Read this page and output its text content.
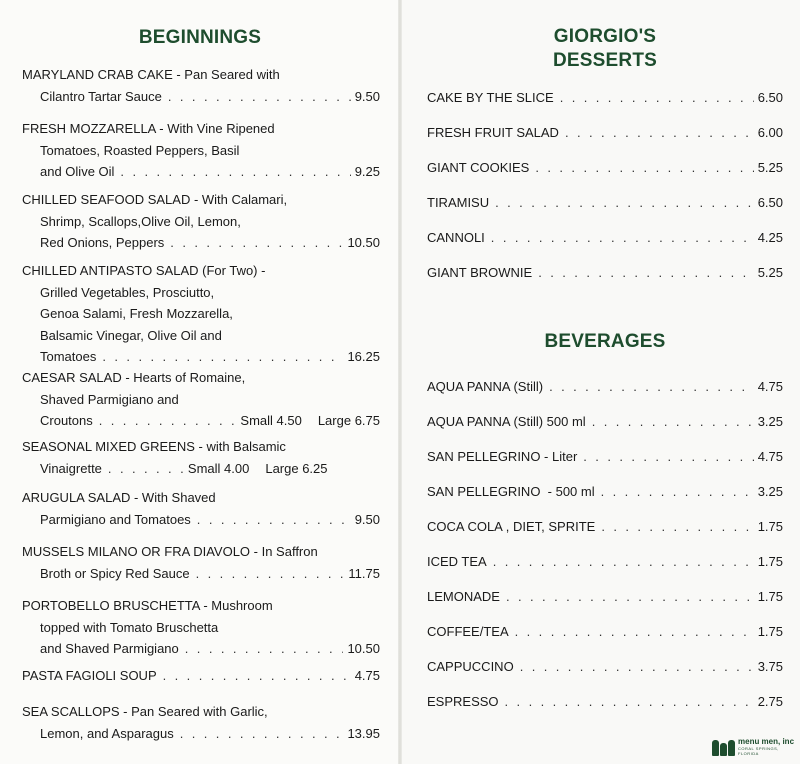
BEGINNINGS
MARYLAND CRAB CAKE - Pan Seared with
Cilantro Tartar Sauce . . .	9.50
FRESH MOZZARELLA - With Vine Ripened
Tomatoes, Roasted Peppers, Basil
and Olive Oil . . .	9.25
CHILLED SEAFOOD SALAD - With Calamari,
Shrimp, Scallops,Olive Oil, Lemon,
Red Onions, Peppers . . .	10.50
CHILLED ANTIPASTO SALAD (For Two) -
Grilled Vegetables, Prosciutto,
Genoa Salami, Fresh Mozzarella,
Balsamic Vinegar, Olive Oil and
Tomatoes . . .	16.25
CAESAR SALAD - Hearts of Romaine,
Shaved Parmigiano and
Croutons . . .	Small 4.50 Large 6.75
SEASONAL MIXED GREENS - with Balsamic
Vinaigrette . . .	Small 4.00 Large 6.25
ARUGULA SALAD - With Shaved
Parmigiano and Tomatoes . . .	9.50
MUSSELS MILANO OR FRA DIAVOLO - In Saffron
Broth or Spicy Red Sauce . . .	11.75
PORTOBELLO BRUSCHETTA - Mushroom
topped with Tomato Bruschetta
and Shaved Parmigiano . . .	10.50
PASTA FAGIOLI SOUP . . .	4.75
SEA SCALLOPS - Pan Seared with Garlic,
Lemon, and Asparagus . . .	13.95
GIORGIO'S
DESSERTS
CAKE BY THE SLICE . . .	6.50
FRESH FRUIT SALAD . . .	6.00
GIANT COOKIES . . .	5.25
TIRAMISU . . .	6.50
CANNOLI . . .	4.25
GIANT BROWNIE . . .	5.25
BEVERAGES
AQUA PANNA (Still) . . .	4.75
AQUA PANNA (Still) 500 ml . . .	3.25
SAN PELLEGRINO - Liter . . .	4.75
SAN PELLEGRINO  - 500 ml . . .	3.25
COCA COLA , DIET, SPRITE . . .	1.75
ICED TEA . . .	1.75
LEMONADE . . .	1.75
COFFEE/TEA . . .	1.75
CAPPUCCINO . . .	3.75
ESPRESSO . . .	2.75
menu men, inc
CORAL SPRINGS, FLORIDA
